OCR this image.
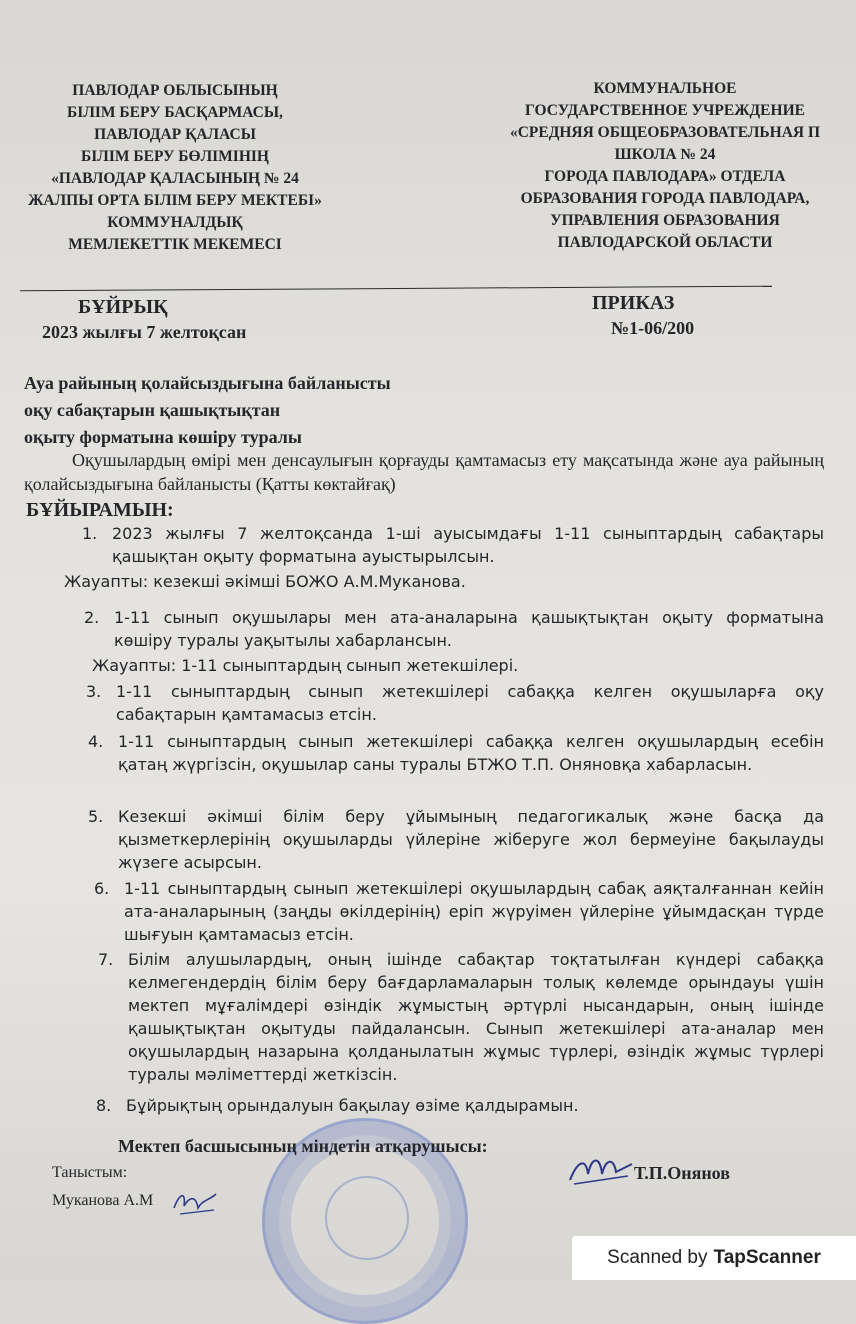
ПАВЛОДАР ОБЛЫСЫНЫҢ
БІЛІМ БЕРУ БАСҚАРМАСЫ,
ПАВЛОДАР ҚАЛАСЫ
БІЛІМ БЕРУ БӨЛІМІНІҢ
«ПАВЛОДАР ҚАЛАСЫНЫҢ № 24
ЖАЛПЫ ОРТА БІЛІМ БЕРУ МЕКТЕБІ»
КОММУНАЛДЫҚ
МЕМЛЕКЕТТІК МЕКЕМЕСІ
КОММУНАЛЬНОЕ
ГОСУДАРСТВЕННОЕ УЧРЕЖДЕНИЕ
«СРЕДНЯЯ ОБЩЕОБРАЗОВАТЕЛЬНАЯ П
ШКОЛА № 24
ГОРОДА ПАВЛОДАРА» ОТДЕЛА
ОБРАЗОВАНИЯ ГОРОДА ПАВЛОДАРА,
УПРАВЛЕНИЯ ОБРАЗОВАНИЯ
ПАВЛОДАРСКОЙ ОБЛАСТИ
БҰЙРЫҚ
2023 жылғы 7 желтоқсан
ПРИКАЗ
№1-06/200
Ауа райының қолайсыздығына байланысты
оқу сабақтарын қашықтықтан
оқыту форматына көшіру туралы
Оқушылардың өмірі мен денсаулығын қорғауды қамтамасыз ету мақсатында және ауа райының қолайсыздығына байланысты (Қатты көктайғақ)
БҰЙЫРАМЫН:
1. 2023 жылғы 7 желтоқсанда 1-ші ауысымдағы 1-11 сыныптардың сабақтары қашықтан оқыту форматына ауыстырылсын.
Жауапты: кезекші әкімші БОЖО А.М.Муканова.
2. 1-11 сынып оқушылары мен ата-аналарына қашықтықтан оқыту форматына көшіру туралы уақытылы хабарлансын.
Жауапты: 1-11 сыныптардың сынып жетекшілері.
3. 1-11 сыныптардың сынып жетекшілері сабаққа келген оқушыларға оқу сабақтарын қамтамасыз етсін.
4. 1-11 сыныптардың сынып жетекшілері сабаққа келген оқушылардың есебін қатаң жүргізсін, оқушылар саны туралы БТЖО Т.П. Оняновқа хабарласын.
5. Кезекші әкімші білім беру ұйымының педагогикалық және басқа да қызметкерлерінің оқушыларды үйлеріне жіберуге жол бермеуіне бақылауды жүзеге асырсын.
6. 1-11 сыныптардың сынып жетекшілері оқушылардың сабақ аяқталғаннан кейін ата-аналарының (заңды өкілдерінің) еріп жүруімен үйлеріне ұйымдасқан түрде шығуын қамтамасыз етсін.
7. Білім алушылардың, оның ішінде сабақтар тоқтатылған күндері сабаққа келмегендердің білім беру бағдарламаларын толық көлемде орындауы үшін мектеп мұғалімдері өзіндік жұмыстың әртүрлі нысандарын, оның ішінде қашықтықтан оқытуды пайдалансын. Сынып жетекшілері ата-аналар мен оқушылардың назарына қолданылатын жұмыс түрлері, өзіндік жұмыс түрлері туралы мәліметтерді жеткізсін.
8. Бұйрықтың орындалуын бақылау өзіме қалдырамын.
Мектеп басшысының міндетін атқарушысы:
Т.П.Онянов
Таныстым:
Муканова А.М
Scanned by TapScanner
